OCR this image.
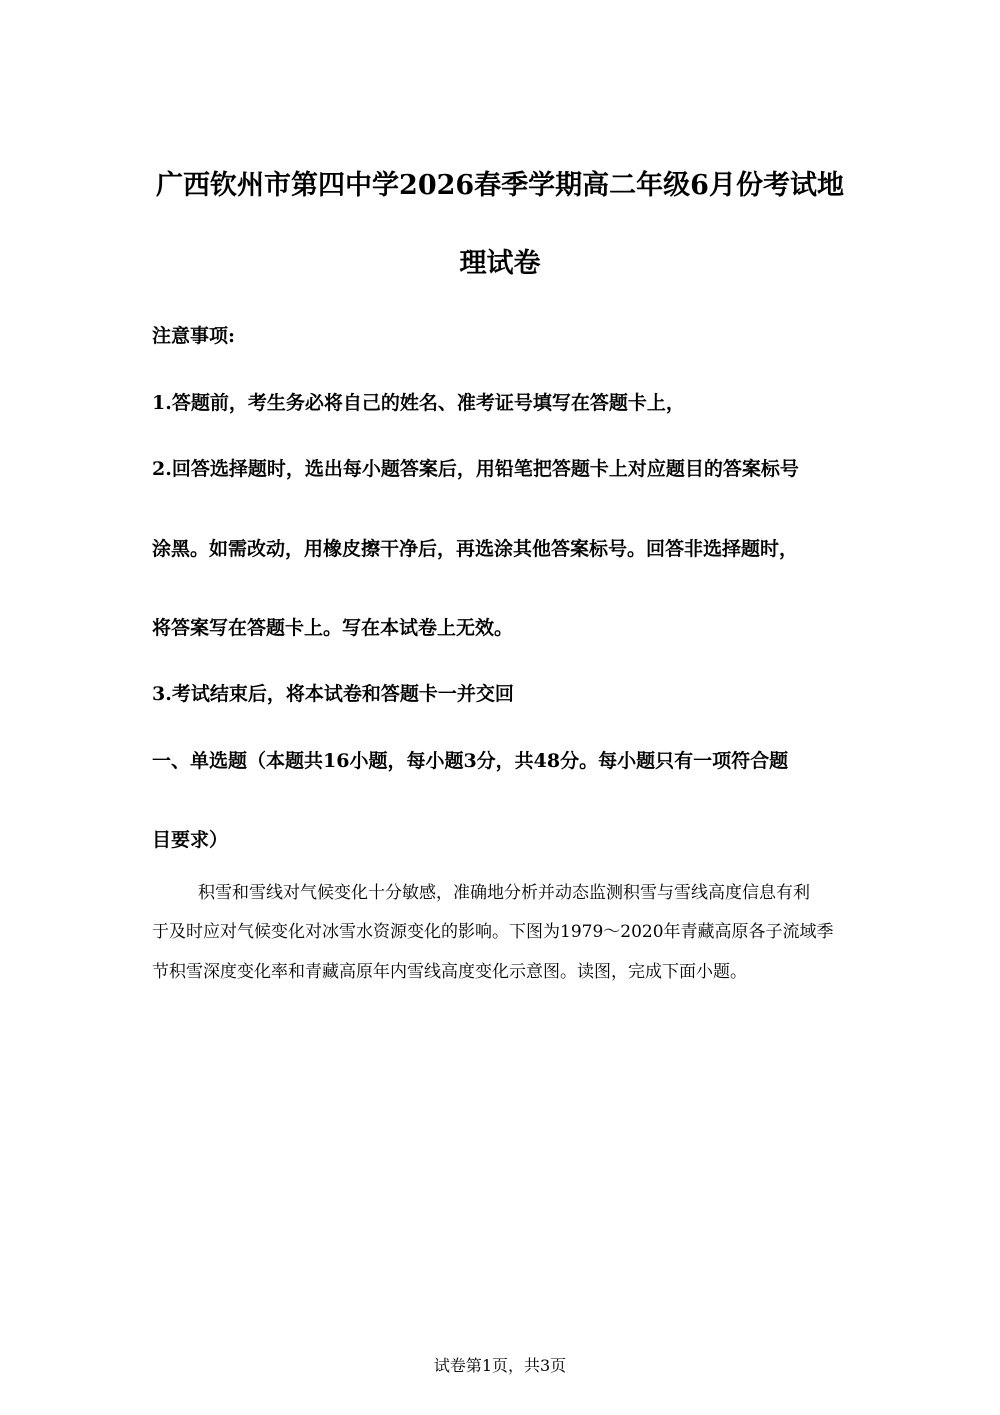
广西钦州市第四中学2026春季学期高二年级6月份考试地
理试卷
注意事项:
1.答题前，考生务必将自己的姓名、准考证号填写在答题卡上，
2.回答选择题时，选出每小题答案后，用铅笔把答题卡上对应题目的答案标号
涂黑。如需改动，用橡皮擦干净后，再选涂其他答案标号。回答非选择题时，
将答案写在答题卡上。写在本试卷上无效。
3.考试结束后，将本试卷和答题卡一并交回
一、单选题（本题共16小题，每小题3分，共48分。每小题只有一项符合题
目要求）
积雪和雪线对气候变化十分敏感，准确地分析并动态监测积雪与雪线高度信息有利
于及时应对气候变化对冰雪水资源变化的影响。下图为1979～2020年青藏高原各子流域季
节积雪深度变化率和青藏高原年内雪线高度变化示意图。读图，完成下面小题。
试卷第1页，共3页
